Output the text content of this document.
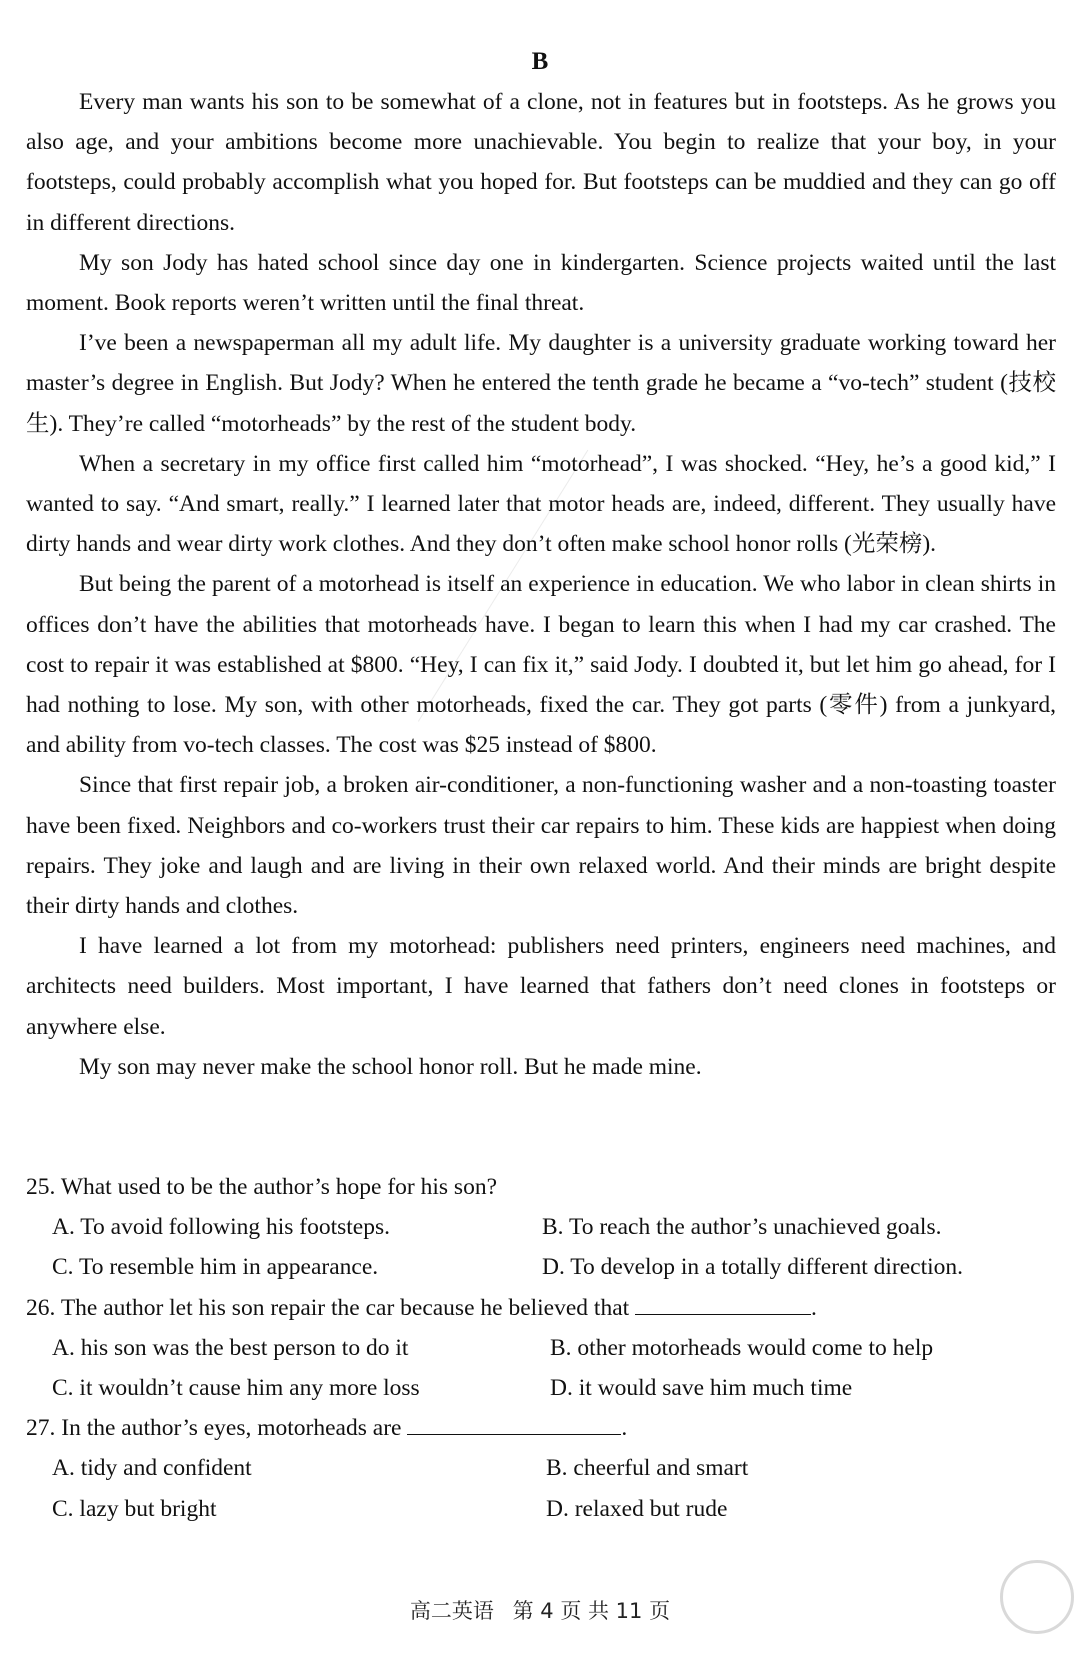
B

Every man wants his son to be somewhat of a clone, not in features but in footsteps. As he grows you also age, and your ambitions become more unachievable. You begin to realize that your boy, in your footsteps, could probably accomplish what you hoped for. But footsteps can be muddied and they can go off in different directions.

My son Jody has hated school since day one in kindergarten. Science projects waited until the last moment. Book reports weren’t written until the final threat.

I’ve been a newspaperman all my adult life. My daughter is a university graduate working toward her master’s degree in English. But Jody? When he entered the tenth grade he became a “vo-tech” student (技校生). They’re called “motorheads” by the rest of the student body.

When a secretary in my office first called him “motorhead”, I was shocked. “Hey, he’s a good kid,” I wanted to say. “And smart, really.” I learned later that motor heads are, indeed, different. They usually have dirty hands and wear dirty work clothes. And they don’t often make school honor rolls (光荣榜).

But being the parent of a motorhead is itself an experience in education. We who labor in clean shirts in offices don’t have the abilities that motorheads have. I began to learn this when I had my car crashed. The cost to repair it was established at $800. “Hey, I can fix it,” said Jody. I doubted it, but let him go ahead, for I had nothing to lose. My son, with other motorheads, fixed the car. They got parts (零件) from a junkyard, and ability from vo-tech classes. The cost was $25 instead of $800.

Since that first repair job, a broken air-conditioner, a non-functioning washer and a non-toasting toaster have been fixed. Neighbors and co-workers trust their car repairs to him. These kids are happiest when doing repairs. They joke and laugh and are living in their own relaxed world. And their minds are bright despite their dirty hands and clothes.

I have learned a lot from my motorhead: publishers need printers, engineers need machines, and architects need builders. Most important, I have learned that fathers don’t need clones in footsteps or anywhere else.

My son may never make the school honor roll. But he made mine.

25. What used to be the author’s hope for his son?

A. To avoid following his footsteps.	B. To reach the author’s unachieved goals.
C. To resemble him in appearance.	D. To develop in a totally different direction.

26. The author let his son repair the car because he believed that	.

A. his son was the best person to do it	B. other motorheads would come to help
C. it wouldn’t cause him any more loss	D. it would save him much time

27. In the author’s eyes, motorheads are	.

A. tidy and confident	B. cheerful and smart
C. lazy but bright	D. relaxed but rude
高二英语 第 4 页 共 11 页
